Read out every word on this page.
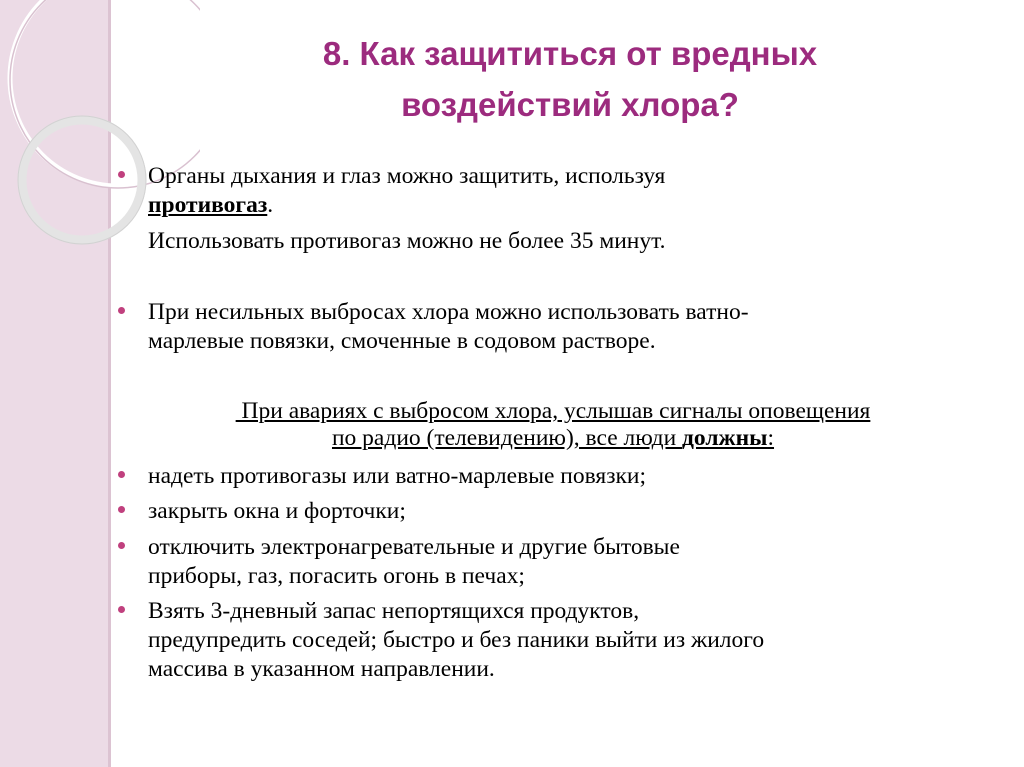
8. Как защититься от вредных
воздействий хлора?
Органы дыхания и глаз можно защитить, используя
противогаз.
Использовать противогаз можно не более 35 минут.
При несильных выбросах хлора можно использовать ватно-
марлевые повязки, смоченные в содовом растворе.
надеть противогазы или ватно-марлевые повязки;
закрыть окна и форточки;
отключить электронагревательные и другие бытовые
приборы, газ, погасить огонь в печах;
Взять 3-дневный запас непортящихся продуктов,
предупредить соседей; быстро и без паники выйти из жилого
массива в указанном направлении.
При авариях с выбросом хлора, услышав сигналы оповещения
по радио (телевидению), все люди должны:
